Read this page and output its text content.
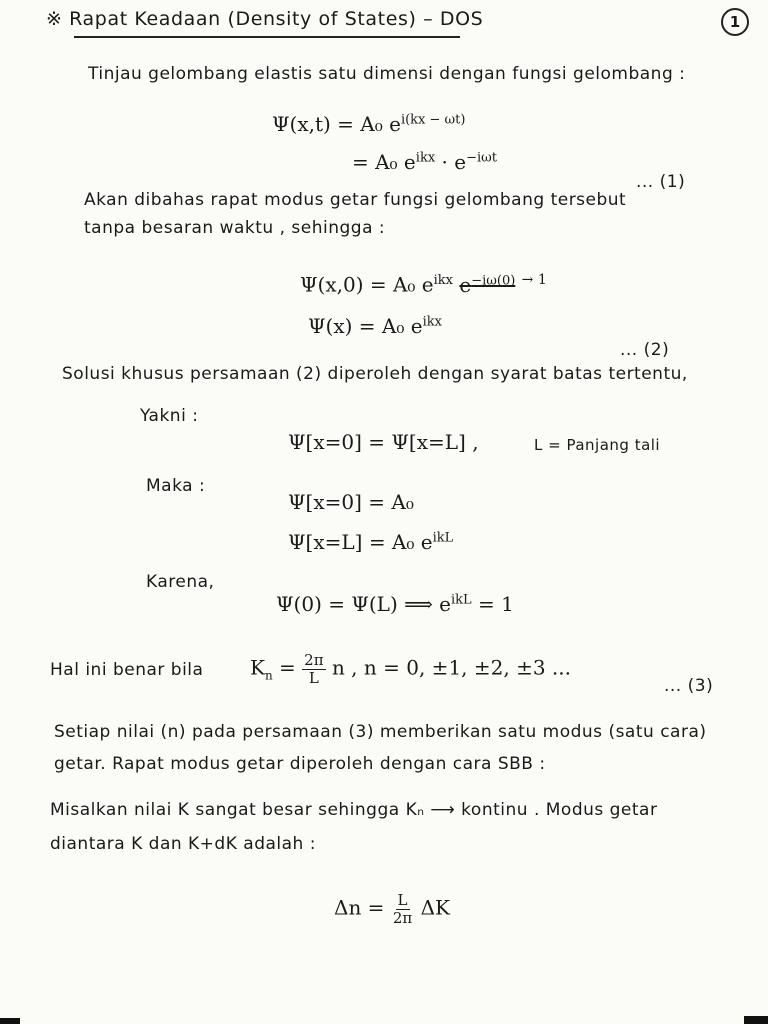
※ Rapat Keadaan (Density of States) – DOS	1
Tinjau gelombang elastis satu dimensi dengan fungsi gelombang :
Ψ(x,t) = A₀ $e^{i(kx - \omega t)}$
= A₀ $e^{ikx} \cdot e^{-i\omega t}$
... (1)
Akan dibahas rapat modus getar fungsi gelombang tersebut
tanpa besaran waktu , sehingga :
Ψ(x,0) = A₀ $e^{ikx}$ $e^{-i\omega(0)}$ $^{\to 1}$
Ψ(x) = A₀ $e^{ikx}$
... (2)
Solusi khusus persamaan (2) diperoleh dengan syarat batas tertentu,
Yakni :
Ψ[x=0] = Ψ[x=L] ,	L = Panjang tali
Maka :
Ψ[x=0] = A₀
Ψ[x=L] = A₀ $e^{ikL}$
Karena,
Ψ(0) = Ψ(L) ⟹ $e^{ikL} = 1$
Hal ini benar bila $K_n = \frac{2\pi}{L}$ n , n = 0, ±1, ±2, ±3 ...
... (3)
Setiap nilai (n) pada persamaan (3) memberikan satu modus (satu cara)
getar. Rapat modus getar diperoleh dengan cara SBB :
Misalkan nilai K sangat besar sehingga Kₙ ⟶ kontinu . Modus getar
diantara K dan K+dK adalah :
$\Delta n = \frac{L}{2\pi}$ ΔK
